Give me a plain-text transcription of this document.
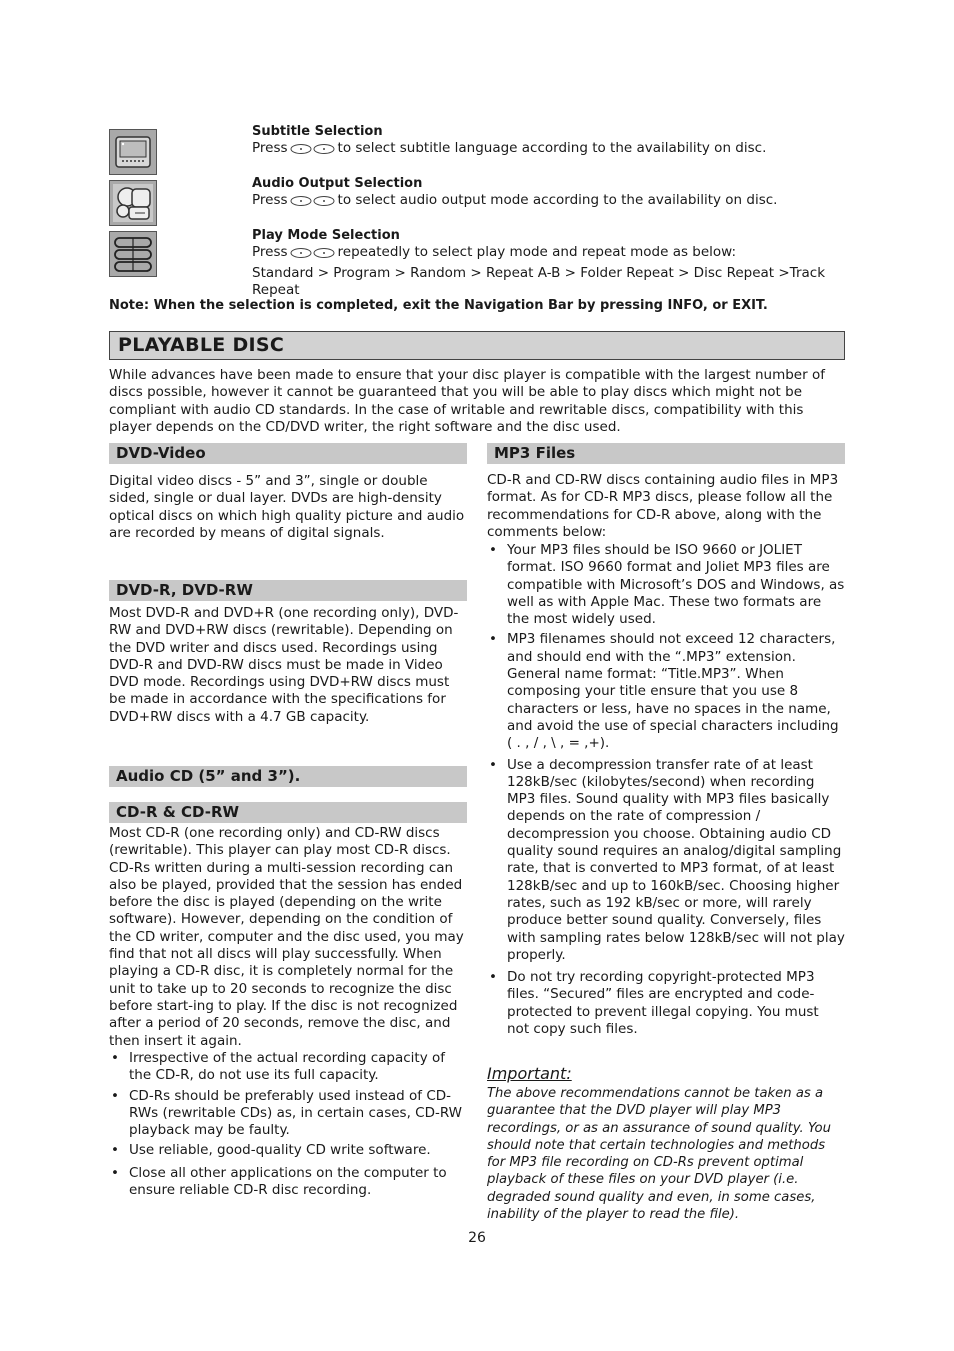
Subtitle Selection
Press	to select subtitle language according to the availability on disc.
Audio Output Selection
Press	to select audio output mode according to the availability on disc.
Play Mode Selection
Press	repeatedly to select play mode and repeat mode as below:
Standard > Program > Random > Repeat A-B > Folder Repeat > Disc Repeat >Track
Repeat
Note: When the selection is completed, exit the Navigation Bar by pressing INFO, or EXIT.
PLAYABLE DISC
While advances have been made to ensure that your disc player is compatible with the largest number of discs possible, however it cannot be guaranteed that you will be able to play discs which might not be compliant with audio CD standards. In the case of writable and rewritable discs, compatibility with this player depends on the CD/DVD writer, the right software and the disc used.
DVD-Video
Digital video discs - 5” and 3”, single or double sided, single or dual layer. DVDs are high-density optical discs on which high quality picture and audio are recorded by means of digital signals.
DVD-R, DVD-RW
Most DVD-R and DVD+R (one recording only), DVD-RW and DVD+RW discs (rewritable). Depending on the DVD writer and discs used. Recordings using DVD-R and DVD-RW discs must be made in Video DVD mode. Recordings using DVD+RW discs must be made in accordance with the specifications for DVD+RW discs with a 4.7 GB capacity.
Audio CD (5” and 3”).
CD-R & CD-RW
Most CD-R (one recording only) and CD-RW discs (rewritable). This player can play most CD-R discs. CD-Rs written during a multi-session recording can also be played, provided that the session has ended before the disc is played (depending on the write software). However, depending on the condition of the CD writer, computer and the disc used, you may find that not all discs will play successfully. When playing a CD-R disc, it is completely normal for the unit to take up to 20 seconds to recognize the disc before start-ing to play. If the disc is not recognized after a period of 20 seconds, remove the disc, and then insert it again.
• Irrespective of the actual recording capacity of the CD-R, do not use its full capacity.
• CD-Rs should be preferably used instead of CD-RWs (rewritable CDs) as, in certain cases, CD-RW playback may be faulty.
• Use reliable, good-quality CD write software.
• Close all other applications on the computer to ensure reliable CD-R disc recording.
MP3 Files
CD-R and CD-RW discs containing audio files in MP3 format. As for CD-R MP3 discs, please follow all the recommendations for CD-R above, along with the comments below:
• Your MP3 files should be ISO 9660 or JOLIET format. ISO 9660 format and Joliet MP3 files are compatible with Microsoft’s DOS and Windows, as well as with Apple Mac. These two formats are the most widely used.
• MP3 filenames should not exceed 12 characters, and should end with the “.MP3” extension. General name format: “Title.MP3”. When composing your title ensure that you use 8 characters or less, have no spaces in the name, and avoid the use of special characters including ( . , / , \ , = ,+).
• Use a decompression transfer rate of at least 128kB/sec (kilobytes/second) when recording MP3 files. Sound quality with MP3 files basically depends on the rate of compression / decompression you choose. Obtaining audio CD quality sound requires an analog/digital sampling rate, that is converted to MP3 format, of at least 128kB/sec and up to 160kB/sec. Choosing higher rates, such as 192 kB/sec or more, will rarely produce better sound quality. Conversely, files with sampling rates below 128kB/sec will not play properly.
• Do not try recording copyright-protected MP3 files. “Secured” files are encrypted and code-protected to prevent illegal copying. You must not copy such files.
Important:
The above recommendations cannot be taken as a guarantee that the DVD player will play MP3 recordings, or as an assurance of sound quality. You should note that certain technologies and methods for MP3 file recording on CD-Rs prevent optimal playback of these files on your DVD player (i.e. degraded sound quality and even, in some cases, inability of the player to read the file).
26
